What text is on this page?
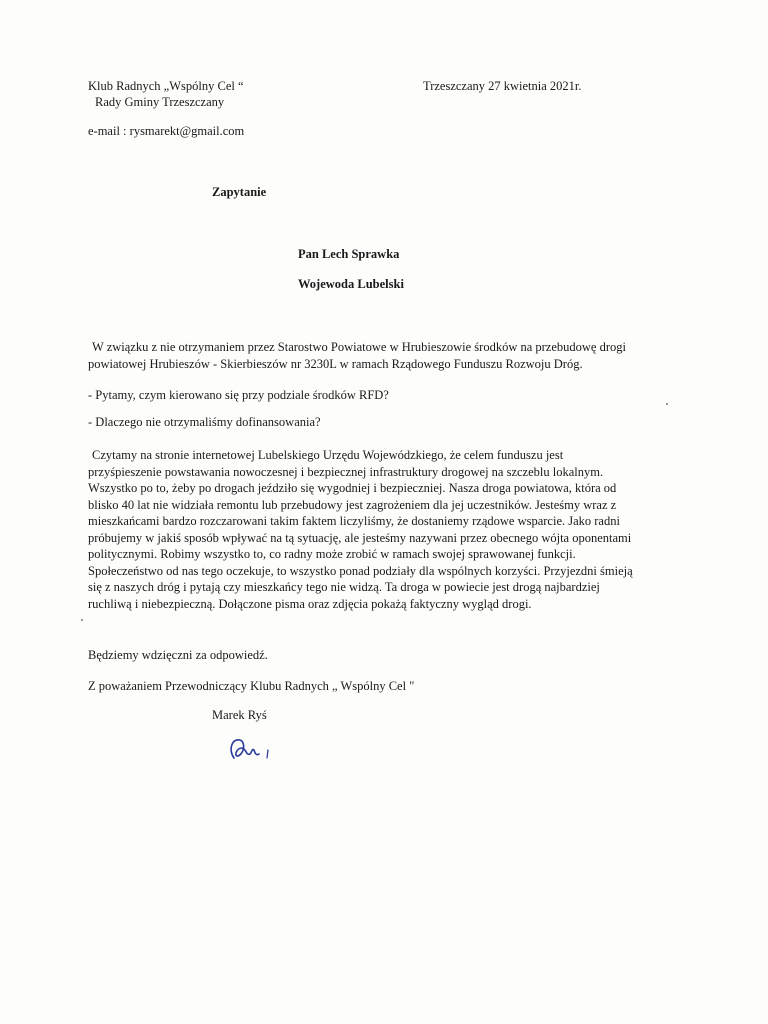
Klub Radnych „Wspólny Cel “
Rady Gminy Trzeszczany
Trzeszczany 27 kwietnia 2021r.
e-mail : rysmarekt@gmail.com
Zapytanie
Pan Lech Sprawka
Wojewoda Lubelski
W związku z nie otrzymaniem przez Starostwo Powiatowe w Hrubieszowie środków na przebudowę drogi
powiatowej Hrubieszów - Skierbieszów nr 3230L w ramach Rządowego Funduszu Rozwoju Dróg.
- Pytamy, czym kierowano się przy podziale środków RFD?
- Dlaczego nie otrzymaliśmy dofinansowania?
Czytamy na stronie internetowej Lubelskiego Urzędu Wojewódzkiego, że celem funduszu jest
przyśpieszenie powstawania nowoczesnej i bezpiecznej infrastruktury drogowej na szczeblu lokalnym.
Wszystko po to, żeby po drogach jeździło się wygodniej i bezpieczniej. Nasza droga powiatowa, która od
blisko 40 lat nie widziała remontu lub przebudowy jest zagrożeniem dla jej uczestników. Jesteśmy wraz z
mieszkańcami bardzo rozczarowani takim faktem liczyliśmy, że dostaniemy rządowe wsparcie. Jako radni
próbujemy w jakiś sposób wpływać na tą sytuację, ale jesteśmy nazywani przez obecnego wójta oponentami
politycznymi. Robimy wszystko to, co radny może zrobić w ramach swojej sprawowanej funkcji.
Społeczeństwo od nas tego oczekuje, to wszystko ponad podziały dla wspólnych korzyści. Przyjezdni śmieją
się z naszych dróg i pytają czy mieszkańcy tego nie widzą. Ta droga w powiecie jest drogą najbardziej
ruchliwą i niebezpieczną. Dołączone pisma oraz zdjęcia pokażą faktyczny wygląd drogi.
Będziemy wdzięczni za odpowiedź.
Z poważaniem Przewodniczący Klubu Radnych „ Wspólny Cel "
Marek Ryś
